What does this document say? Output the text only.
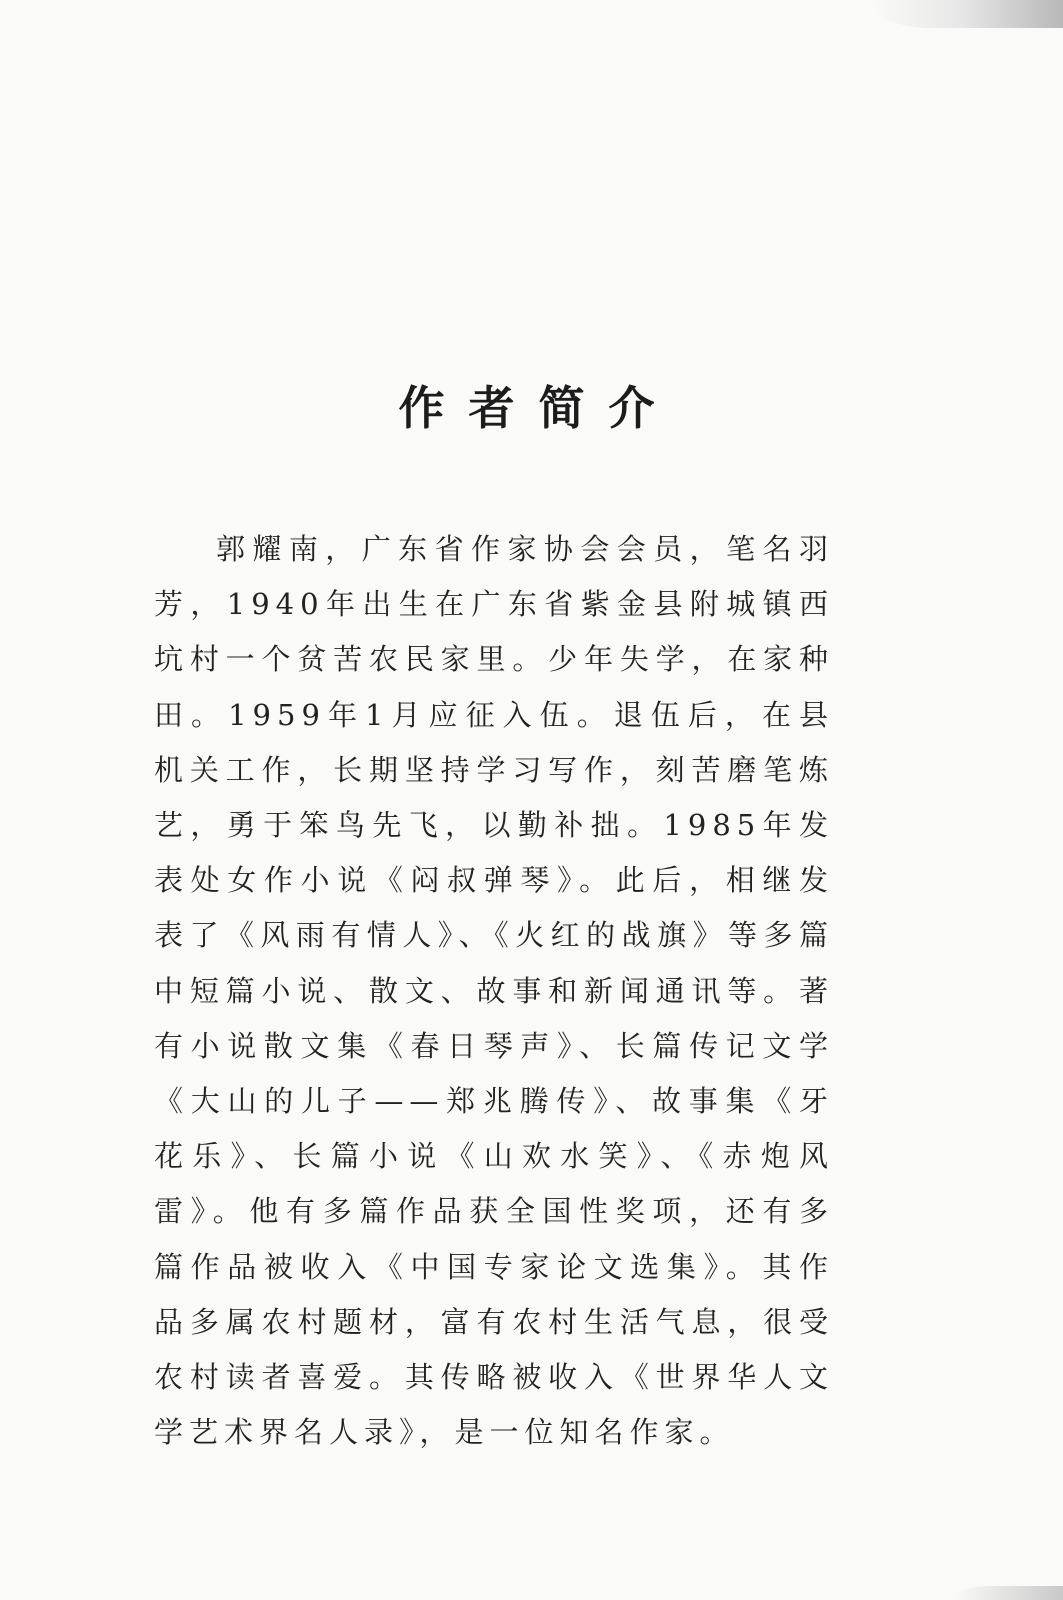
作者简介

郭耀南，广东省作家协会会员，笔名羽芳，1940年出生在广东省紫金县附城镇西坑村一个贫苦农民家里。少年失学，在家种田。1959年1月应征入伍。退伍后，在县机关工作，长期坚持学习写作，刻苦磨笔炼艺，勇于笨鸟先飞，以勤补拙。1985年发表处女作小说《闷叔弹琴》。此后，相继发表了《风雨有情人》、《火红的战旗》等多篇中短篇小说、散文、故事和新闻通讯等。著有小说散文集《春日琴声》、长篇传记文学《大山的儿子——郑兆腾传》、故事集《牙花乐》、长篇小说《山欢水笑》、《赤炮风雷》。他有多篇作品获全国性奖项，还有多篇作品被收入《中国专家论文选集》。其作品多属农村题材，富有农村生活气息，很受农村读者喜爱。其传略被收入《世界华人文学艺术界名人录》，是一位知名作家。
